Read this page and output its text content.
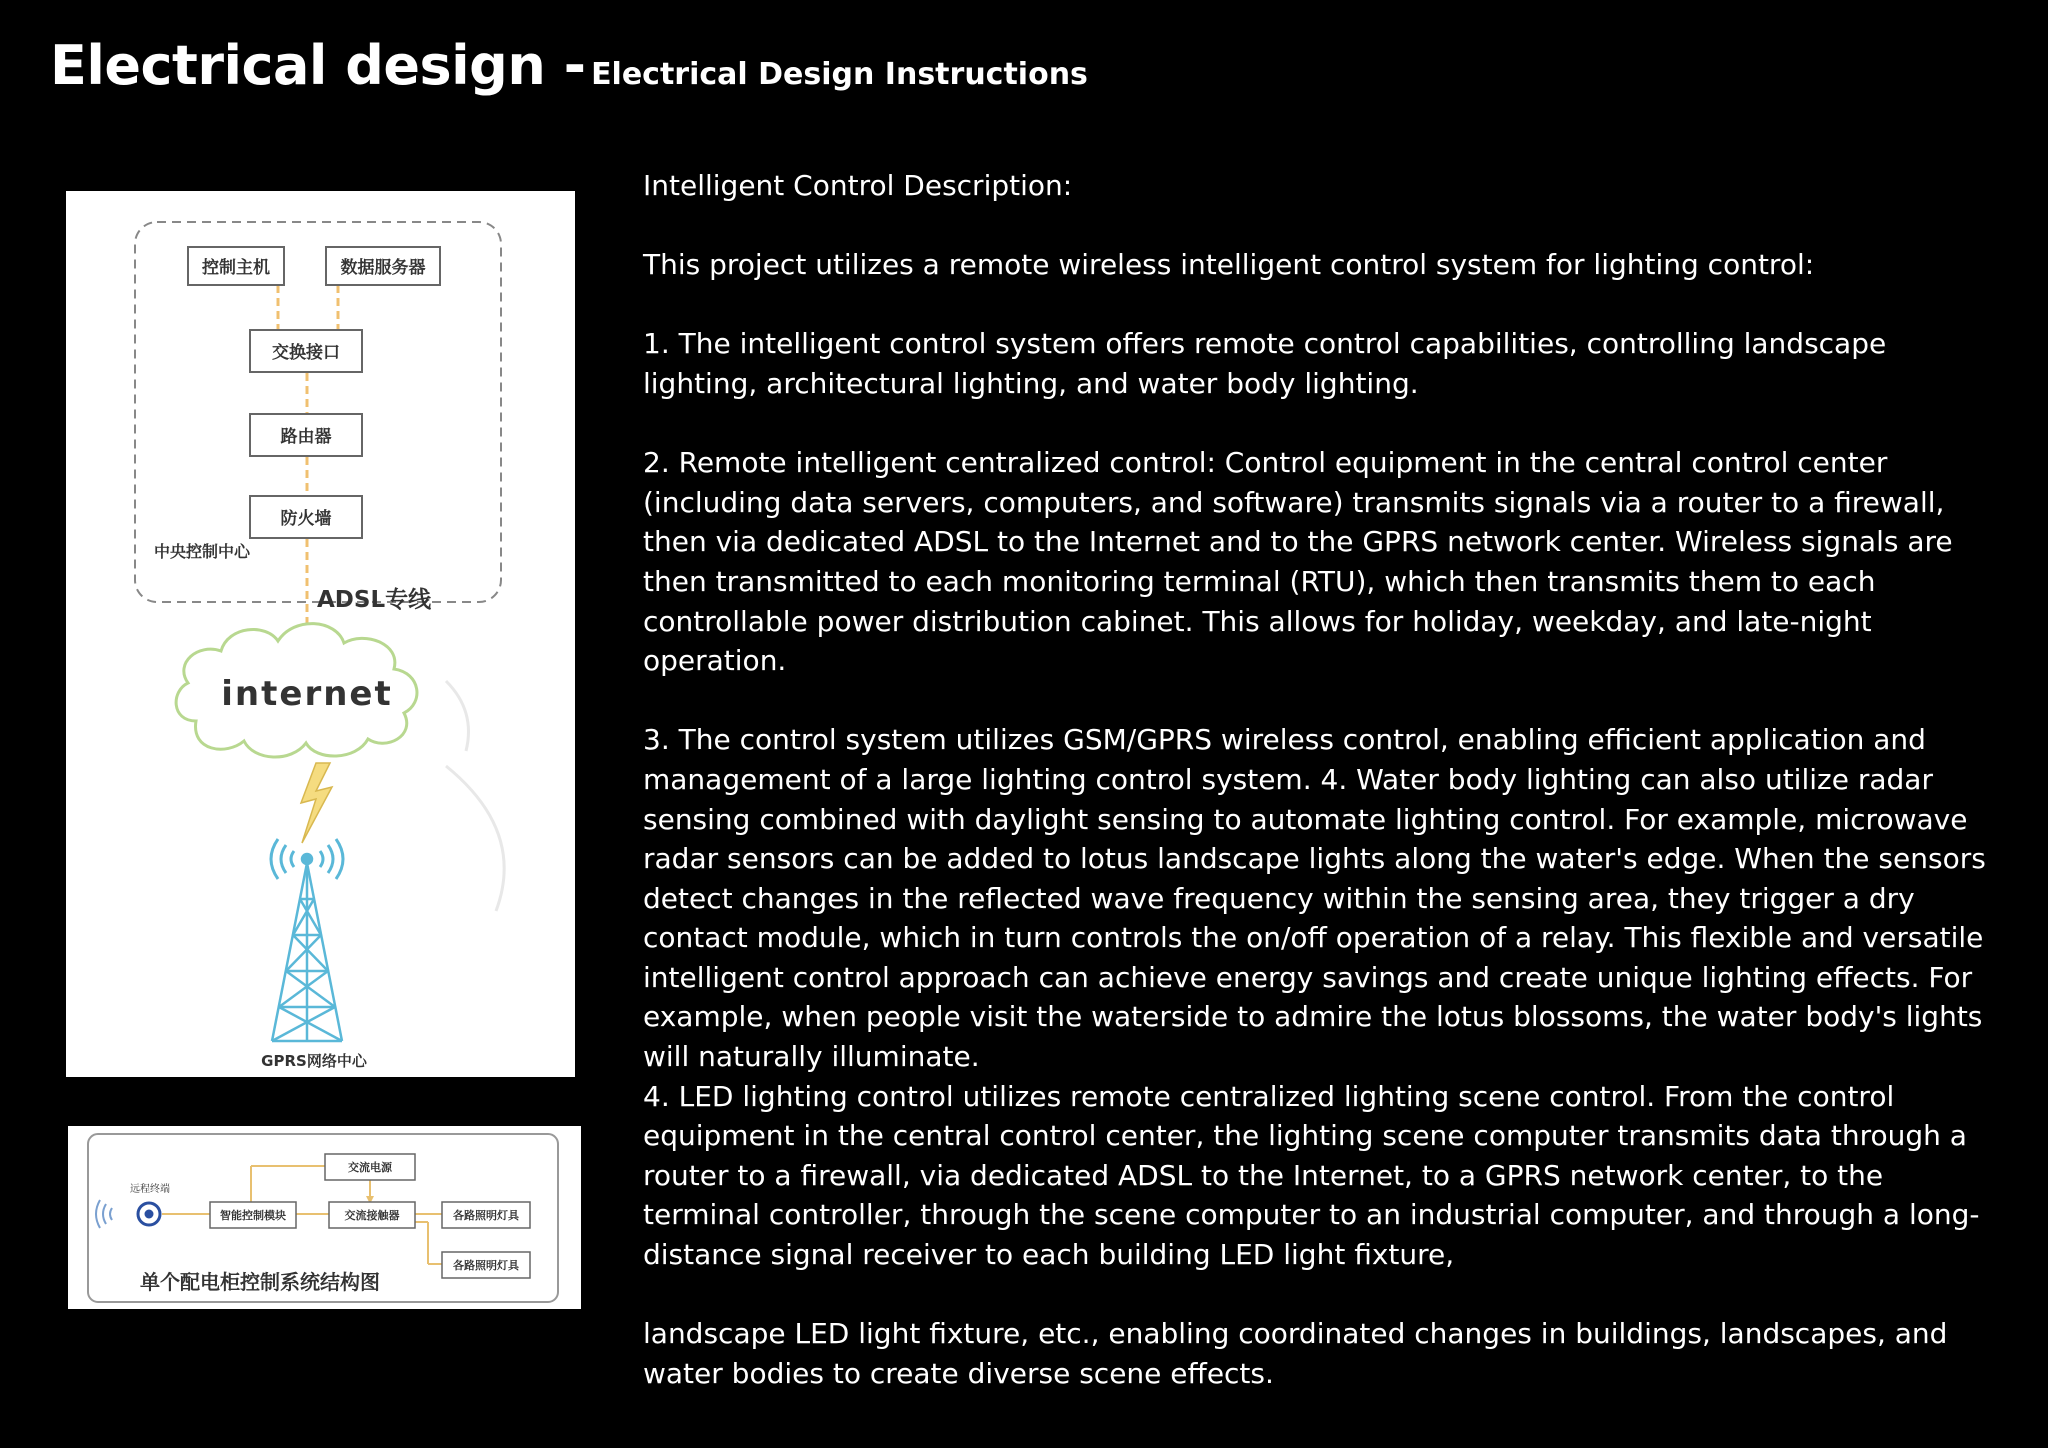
Electrical design - Electrical Design Instructions
控制主机	数据服务器
交换接口
路由器
防火墙
中央控制中心
ADSL专线
internet
GPRS网络中心
远程终端
交流电源
智能控制模块	交流接触器	各路照明灯具
各路照明灯具
单个配电柜控制系统结构图

Intelligent Control Description:

This project utilizes a remote wireless intelligent control system for lighting control:

1. The intelligent control system offers remote control capabilities, controlling landscape lighting, architectural lighting, and water body lighting.

2. Remote intelligent centralized control: Control equipment in the central control center (including data servers, computers, and software) transmits signals via a router to a firewall, then via dedicated ADSL to the Internet and to the GPRS network center. Wireless signals are then transmitted to each monitoring terminal (RTU), which then transmits them to each controllable power distribution cabinet. This allows for holiday, weekday, and late-night operation.

3. The control system utilizes GSM/GPRS wireless control, enabling efficient application and management of a large lighting control system. 4. Water body lighting can also utilize radar sensing combined with daylight sensing to automate lighting control. For example, microwave radar sensors can be added to lotus landscape lights along the water's edge. When the sensors detect changes in the reflected wave frequency within the sensing area, they trigger a dry contact module, which in turn controls the on/off operation of a relay. This flexible and versatile intelligent control approach can achieve energy savings and create unique lighting effects. For example, when people visit the waterside to admire the lotus blossoms, the water body's lights will naturally illuminate.

4. LED lighting control utilizes remote centralized lighting scene control. From the control equipment in the central control center, the lighting scene computer transmits data through a router to a firewall, via dedicated ADSL to the Internet, to a GPRS network center, to the terminal controller, through the scene computer to an industrial computer, and through a long-distance signal receiver to each building LED light fixture,

landscape LED light fixture, etc., enabling coordinated changes in buildings, landscapes, and water bodies to create diverse scene effects.
